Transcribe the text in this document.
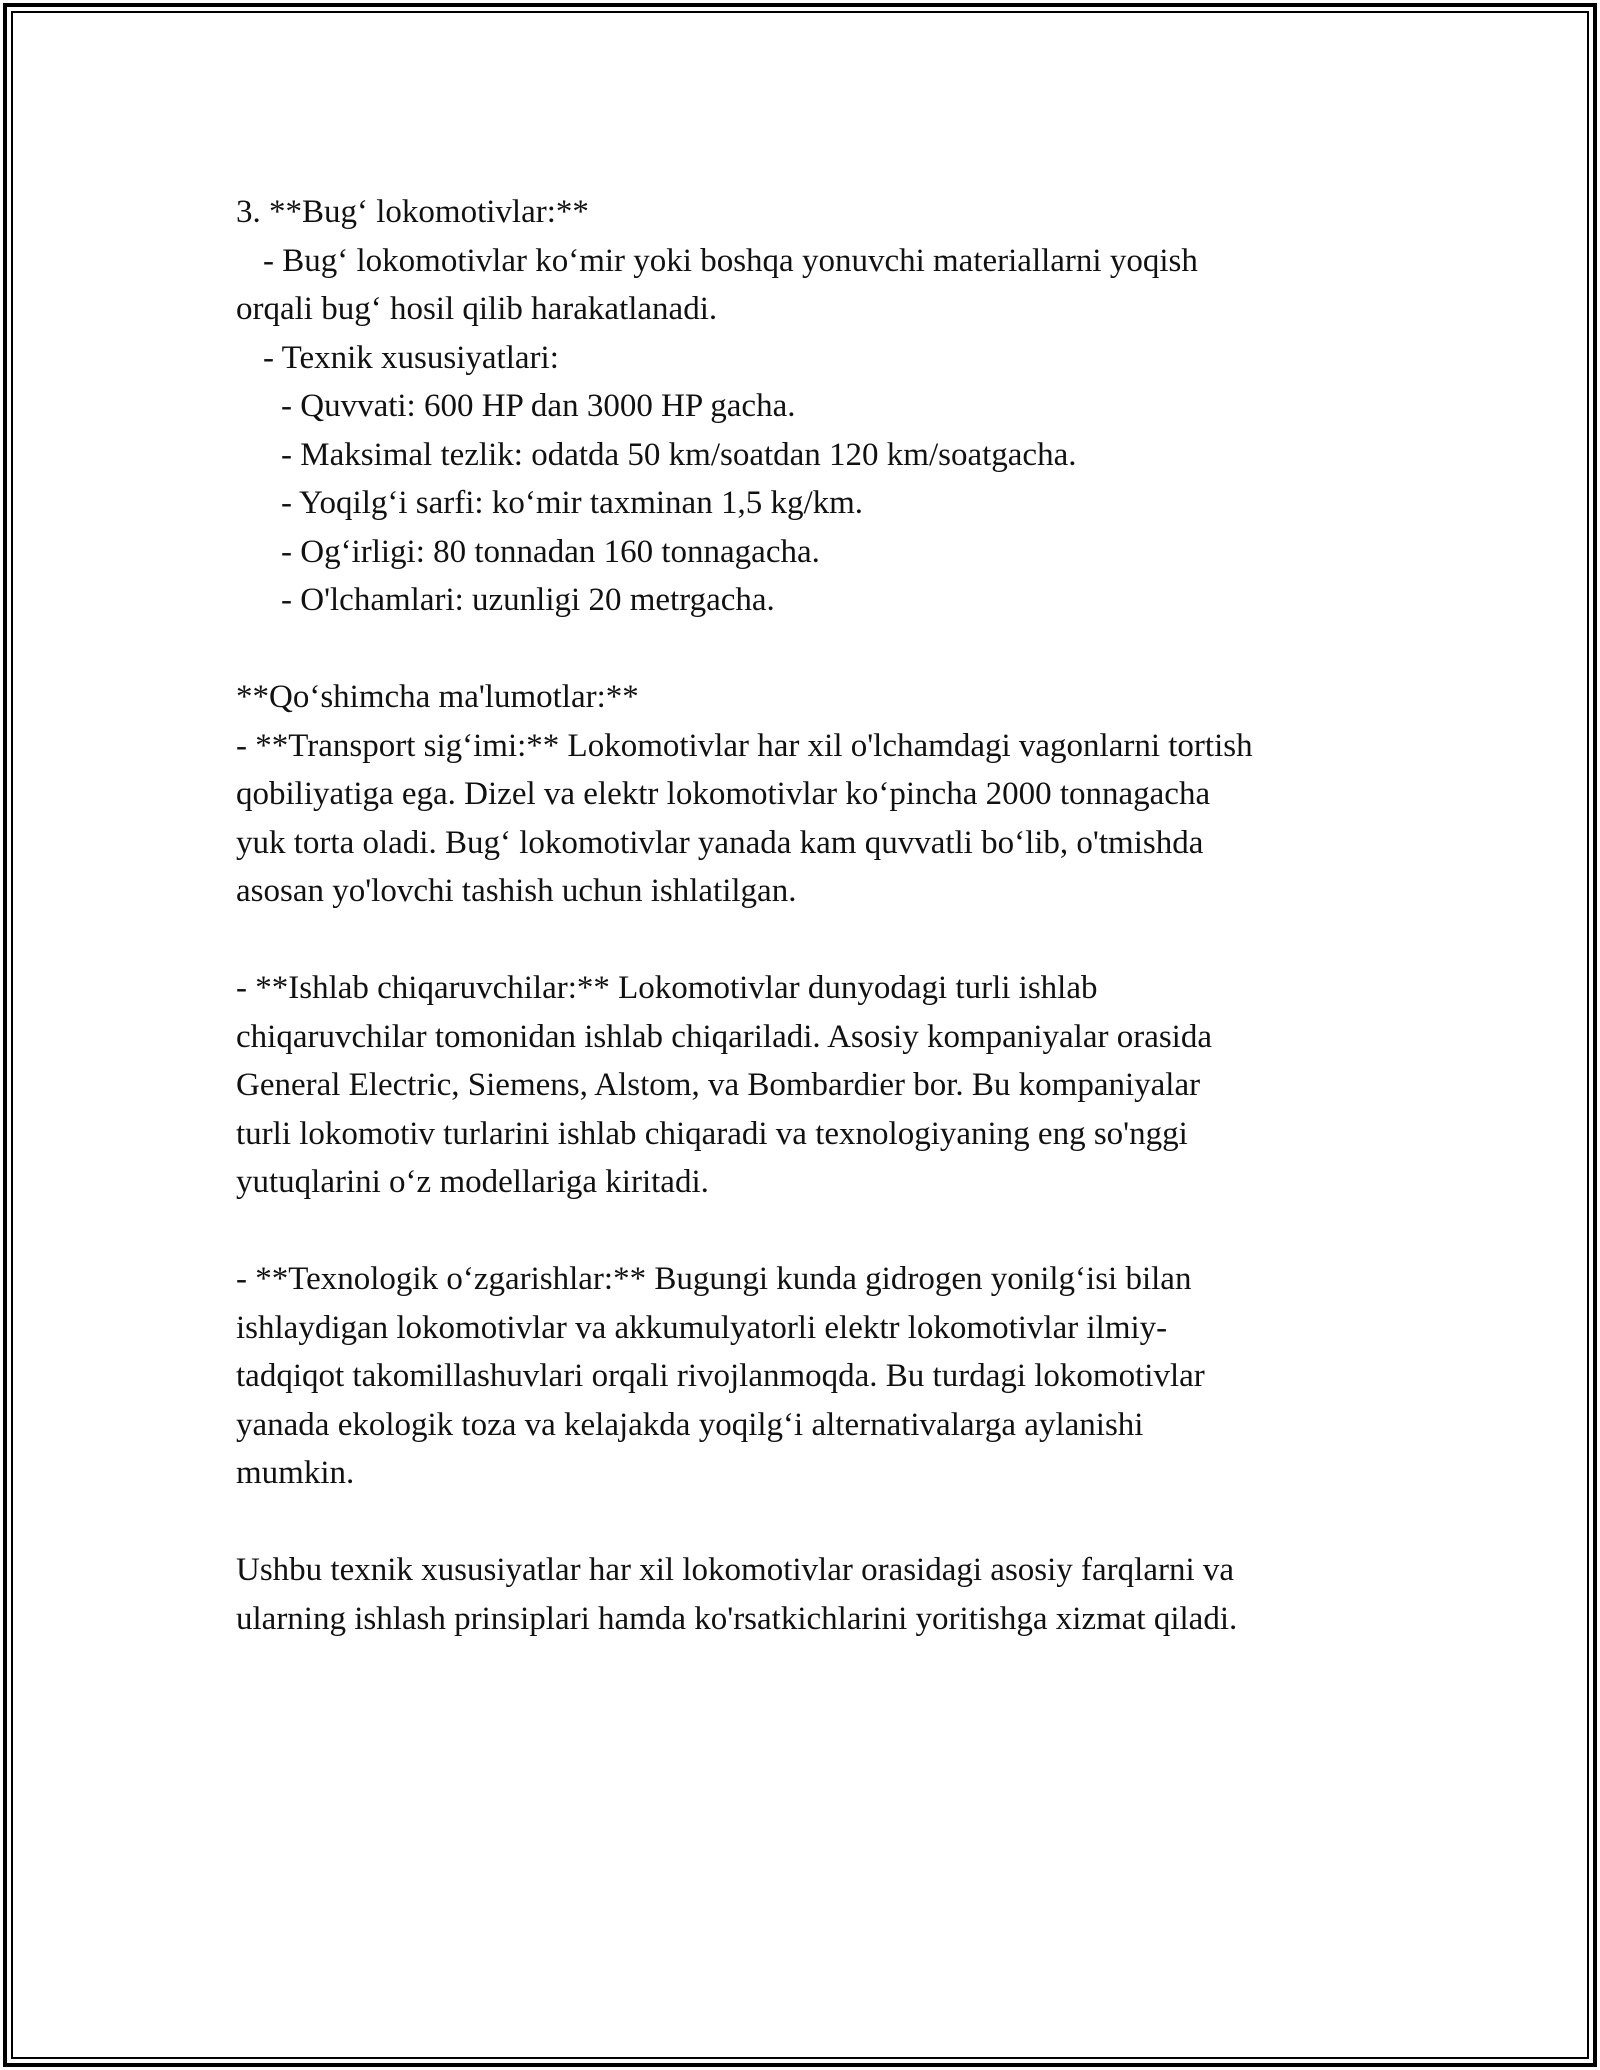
3. **Bug‘ lokomotivlar:**
- Bug‘ lokomotivlar ko‘mir yoki boshqa yonuvchi materiallarni yoqish
orqali bug‘ hosil qilib harakatlanadi.
- Texnik xususiyatlari:
- Quvvati: 600 HP dan 3000 HP gacha.
- Maksimal tezlik: odatda 50 km/soatdan 120 km/soatgacha.
- Yoqilg‘i sarfi: ko‘mir taxminan 1,5 kg/km.
- Og‘irligi: 80 tonnadan 160 tonnagacha.
- O'lchamlari: uzunligi 20 metrgacha.
**Qo‘shimcha ma'lumotlar:**
- **Transport sig‘imi:** Lokomotivlar har xil o'lchamdagi vagonlarni tortish
qobiliyatiga ega. Dizel va elektr lokomotivlar ko‘pincha 2000 tonnagacha
yuk torta oladi. Bug‘ lokomotivlar yanada kam quvvatli bo‘lib, o'tmishda
asosan yo'lovchi tashish uchun ishlatilgan.
- **Ishlab chiqaruvchilar:** Lokomotivlar dunyodagi turli ishlab
chiqaruvchilar tomonidan ishlab chiqariladi. Asosiy kompaniyalar orasida
General Electric, Siemens, Alstom, va Bombardier bor. Bu kompaniyalar
turli lokomotiv turlarini ishlab chiqaradi va texnologiyaning eng so'nggi
yutuqlarini o‘z modellariga kiritadi.
- **Texnologik o‘zgarishlar:** Bugungi kunda gidrogen yonilg‘isi bilan
ishlaydigan lokomotivlar va akkumulyatorli elektr lokomotivlar ilmiy-
tadqiqot takomillashuvlari orqali rivojlanmoqda. Bu turdagi lokomotivlar
yanada ekologik toza va kelajakda yoqilg‘i alternativalarga aylanishi
mumkin.
Ushbu texnik xususiyatlar har xil lokomotivlar orasidagi asosiy farqlarni va
ularning ishlash prinsiplari hamda ko'rsatkichlarini yoritishga xizmat qiladi.
